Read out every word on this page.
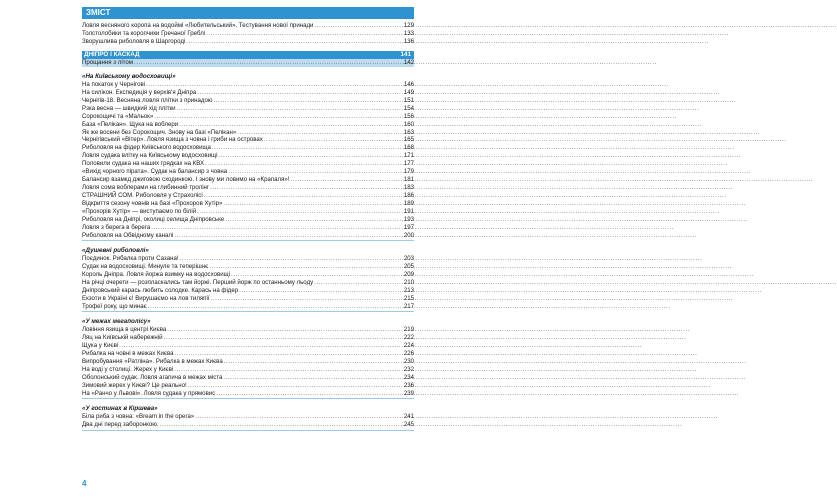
ЗМІСТ
Ловля весняного коропа на водоймі «Любительський». Тестування нової принади .....	129
Толстолобики та коропчики Гречаної Греблі .....	133
Зворушлива риболовля в Шаргороді .....	136
ДНІПРО І КАСКАД	141
Прощання з літом .....	142
«На Київському водосховищі»
На покаток у Чернігові .....	146
На силікон. Експедиція у верхів'я Дніпра .....	149
Чернігів-18. Весняна ловля плітки з принадою .....	151
Рзка весна — швидкий хід плітки .....	154
Сорокощичі та «Мальок» .....	156
База «Пелікан». Щука на воблери .....	160
Як же восени без Сорокощич. Знову на базі «Пелікан» .....	163
Чернігівський «Вітер». Ловля язища з човна і гриби на островах .....	165
Риболовля на фідер Київського водосховища .....	168
Ловля судака влітку на Київському водосховищі .....	171
Половили судака на наших грядках на КВХ .....	177
«Вихід чорного пірата». Судак на балансир з човна .....	179
Балансир взамкд джиговою сходинкою. І знову ми ловимо на «Крапаля»! .....	181
Ловля сома воблерами на глибинний тролінг .....	183
СТРАШНИЙ СОМ. Риболовля у Страхолісі .....	186
Відкриття сезону човнів на базі «Прохоров Хутір» .....	189
«Прохорів Хутір» — виступаємо по білій .....	191
Риболовля на Дніпрі, околиці селища Дніпровське .....	193
Ловля з берега в берега .....	197
Риболовля на Обвідному каналі .....	200
«Душевні риболовлі»
Поєдинок. Рибалка проти Сазана! .....	203
Судак на водосховищі. Минуле та теперішнє .....	205
Король Дніпра. Ловля йоржа взимку на водосховищі .....	209
На річці очерети — розпласкались там йоржі. Перший йорж по останньому льоду .....	210
Дніпровський карась любить солодке. Карась на фідер .....	213
Екзоти в Україні є! Вирушаємо на лов тиляпії .....	215
Трофеї року, що минає .....	217
«У межах мегаполісу»
Ловіння язища в центрі Києва .....	219
Ляц на Київській набережній .....	222
Щука у Києві .....	224
Рибалка на човні в межах Києва .....	226
Випробування «Ратліна». Рибалка в межах Києва .....	230
На воді у столиці. Жерех у Києві .....	232
Оболонський судак. Ловля агапича в межах міста .....	234
Зимовий жерех у Києві? Це реально! .....	236
На «Ранчо у Львові». Ловля судака у прямовис .....	239
«У гостинах в Кіршева»
Біла риба з човна: «Bream in the opera» .....	241
Два дні перед заборонкою. .....	245
4
